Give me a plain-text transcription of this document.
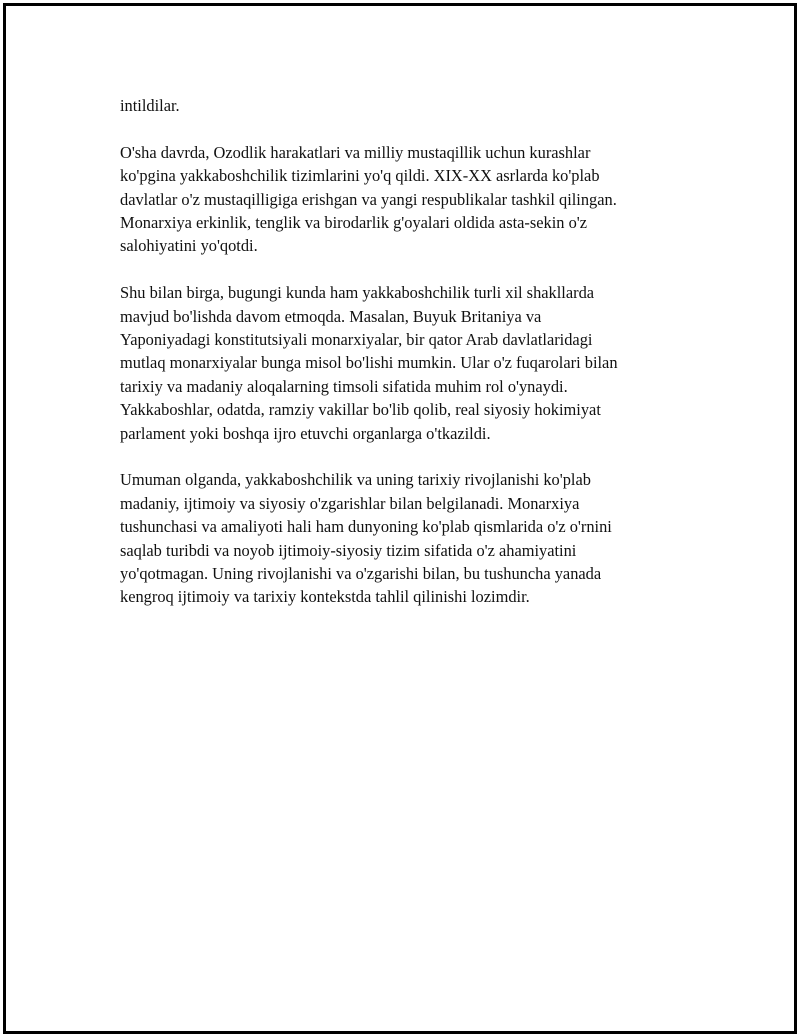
intildilar.

O'sha davrda, Ozodlik harakatlari va milliy mustaqillik uchun kurashlar
ko'pgina yakkaboshchilik tizimlarini yo'q qildi. XIX-XX asrlarda ko'plab
davlatlar o'z mustaqilligiga erishgan va yangi respublikalar tashkil qilingan.
Monarxiya erkinlik, tenglik va birodarlik g'oyalari oldida asta-sekin o'z
salohiyatini yo'qotdi.

Shu bilan birga, bugungi kunda ham yakkaboshchilik turli xil shakllarda
mavjud bo'lishda davom etmoqda. Masalan, Buyuk Britaniya va
Yaponiyadagi konstitutsiyali monarxiyalar, bir qator Arab davlatlaridagi
mutlaq monarxiyalar bunga misol bo'lishi mumkin. Ular o'z fuqarolari bilan
tarixiy va madaniy aloqalarning timsoli sifatida muhim rol o'ynaydi.
Yakkaboshlar, odatda, ramziy vakillar bo'lib qolib, real siyosiy hokimiyat
parlament yoki boshqa ijro etuvchi organlarga o'tkazildi.

Umuman olganda, yakkaboshchilik va uning tarixiy rivojlanishi ko'plab
madaniy, ijtimoiy va siyosiy o'zgarishlar bilan belgilanadi. Monarxiya
tushunchasi va amaliyoti hali ham dunyoning ko'plab qismlarida o'z o'rnini
saqlab turibdi va noyob ijtimoiy-siyosiy tizim sifatida o'z ahamiyatini
yo'qotmagan. Uning rivojlanishi va o'zgarishi bilan, bu tushuncha yanada
kengroq ijtimoiy va tarixiy kontekstda tahlil qilinishi lozimdir.
